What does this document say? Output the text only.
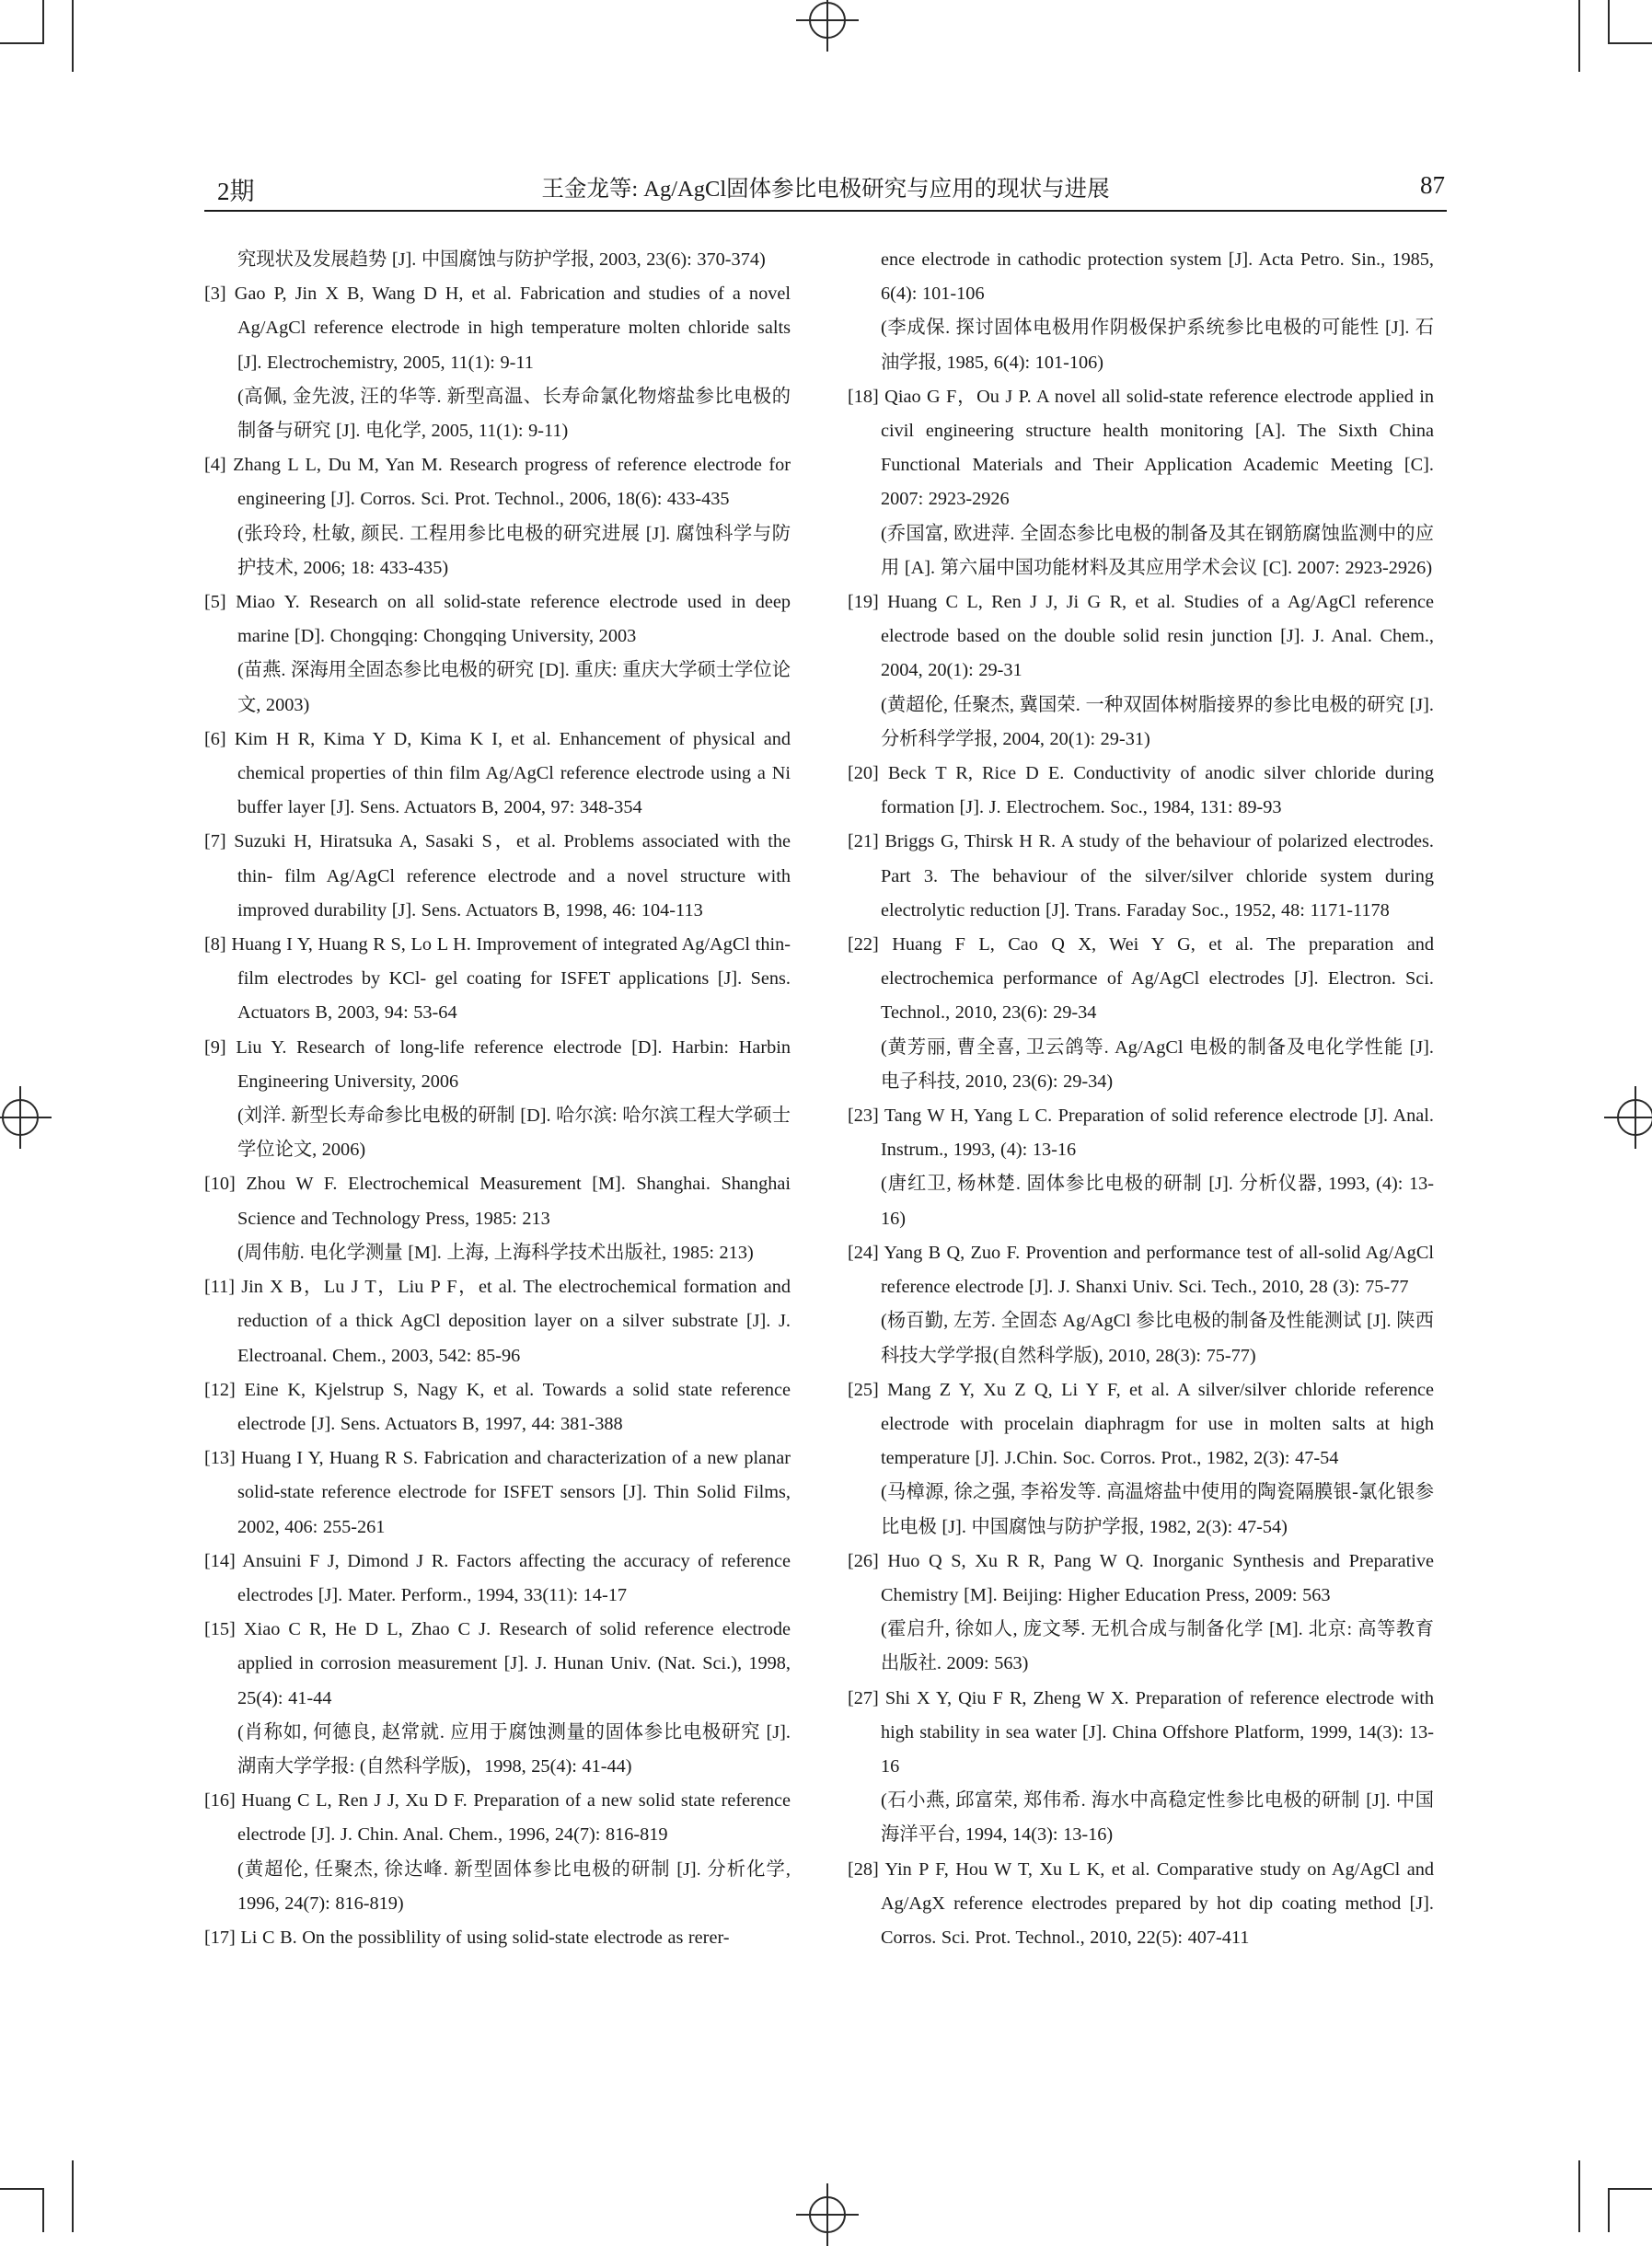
2期	王金龙等: Ag/AgCl固体参比电极研究与应用的现状与进展	87
究现状及发展趋势 [J]. 中国腐蚀与防护学报, 2003, 23(6): 370-374)
[3] Gao P, Jin X B, Wang D H, et al. Fabrication and studies of a novel Ag/AgCl reference electrode in high temperature molten chloride salts [J]. Electrochemistry, 2005, 11(1): 9-11
(高佩, 金先波, 汪的华等. 新型高温、长寿命氯化物熔盐参比电极的制备与研究 [J]. 电化学, 2005, 11(1): 9-11)
[4] Zhang L L, Du M, Yan M. Research progress of reference electrode for engineering [J]. Corros. Sci. Prot. Technol., 2006, 18(6): 433-435
(张玲玲, 杜敏, 颜民. 工程用参比电极的研究进展 [J]. 腐蚀科学与防护技术, 2006; 18: 433-435)
[5] Miao Y. Research on all solid-state reference electrode used in deep marine [D]. Chongqing: Chongqing University, 2003
(苗燕. 深海用全固态参比电极的研究 [D]. 重庆: 重庆大学硕士学位论文, 2003)
[6] Kim H R, Kima Y D, Kima K I, et al. Enhancement of physical and chemical properties of thin film Ag/AgCl reference electrode using a Ni buffer layer [J]. Sens. Actuators B, 2004, 97: 348-354
[7] Suzuki H, Hiratsuka A, Sasaki S，et al. Problems associated with the thin- film Ag/AgCl reference electrode and a novel structure with improved durability [J]. Sens. Actuators B, 1998, 46: 104-113
[8] Huang I Y, Huang R S, Lo L H. Improvement of integrated Ag/AgCl thin- film electrodes by KCl- gel coating for ISFET applications [J]. Sens. Actuators B, 2003, 94: 53-64
[9] Liu Y. Research of long-life reference electrode [D]. Harbin: Harbin Engineering University, 2006
(刘洋. 新型长寿命参比电极的研制 [D]. 哈尔滨: 哈尔滨工程大学硕士学位论文, 2006)
[10] Zhou W F. Electrochemical Measurement [M]. Shanghai. Shanghai Science and Technology Press, 1985: 213
(周伟舫. 电化学测量 [M]. 上海, 上海科学技术出版社, 1985: 213)
[11] Jin X B，Lu J T，Liu P F，et al. The electrochemical formation and reduction of a thick AgCl deposition layer on a silver substrate [J]. J. Electroanal. Chem., 2003, 542: 85-96
[12] Eine K, Kjelstrup S, Nagy K, et al. Towards a solid state reference electrode [J]. Sens. Actuators B, 1997, 44: 381-388
[13] Huang I Y, Huang R S. Fabrication and characterization of a new planar solid-state reference electrode for ISFET sensors [J]. Thin Solid Films, 2002, 406: 255-261
[14] Ansuini F J, Dimond J R. Factors affecting the accuracy of reference electrodes [J]. Mater. Perform., 1994, 33(11): 14-17
[15] Xiao C R, He D L, Zhao C J. Research of solid reference electrode applied in corrosion measurement [J]. J. Hunan Univ. (Nat. Sci.), 1998, 25(4): 41-44
(肖称如, 何德良, 赵常就. 应用于腐蚀测量的固体参比电极研究 [J]. 湖南大学学报: (自然科学版)，1998, 25(4): 41-44)
[16] Huang C L, Ren J J, Xu D F. Preparation of a new solid state reference electrode [J]. J. Chin. Anal. Chem., 1996, 24(7): 816-819
(黄超伦, 任聚杰, 徐达峰. 新型固体参比电极的研制 [J]. 分析化学, 1996, 24(7): 816-819)
[17] Li C B. On the possiblility of using solid-state electrode as rerer-
ence electrode in cathodic protection system [J]. Acta Petro. Sin., 1985, 6(4): 101-106
(李成保. 探讨固体电极用作阴极保护系统参比电极的可能性 [J]. 石油学报, 1985, 6(4): 101-106)
[18] Qiao G F，Ou J P. A novel all solid-state reference electrode applied in civil engineering structure health monitoring [A]. The Sixth China Functional Materials and Their Application Academic Meeting [C]. 2007: 2923-2926
(乔国富, 欧进萍. 全固态参比电极的制备及其在钢筋腐蚀监测中的应用 [A]. 第六届中国功能材料及其应用学术会议 [C]. 2007: 2923-2926)
[19] Huang C L, Ren J J, Ji G R, et al. Studies of a Ag/AgCl reference electrode based on the double solid resin junction [J]. J. Anal. Chem., 2004, 20(1): 29-31
(黄超伦, 任聚杰, 冀国荣. 一种双固体树脂接界的参比电极的研究 [J]. 分析科学学报, 2004, 20(1): 29-31)
[20] Beck T R, Rice D E. Conductivity of anodic silver chloride during formation [J]. J. Electrochem. Soc., 1984, 131: 89-93
[21] Briggs G, Thirsk H R. A study of the behaviour of polarized electrodes. Part 3. The behaviour of the silver/silver chloride system during electrolytic reduction [J]. Trans. Faraday Soc., 1952, 48: 1171-1178
[22] Huang F L, Cao Q X, Wei Y G, et al. The preparation and electrochemica performance of Ag/AgCl electrodes [J]. Electron. Sci. Technol., 2010, 23(6): 29-34
(黄芳丽, 曹全喜, 卫云鸽等. Ag/AgCl 电极的制备及电化学性能 [J]. 电子科技, 2010, 23(6): 29-34)
[23] Tang W H, Yang L C. Preparation of solid reference electrode [J]. Anal. Instrum., 1993, (4): 13-16
(唐红卫, 杨林楚. 固体参比电极的研制 [J]. 分析仪器, 1993, (4): 13-16)
[24] Yang B Q, Zuo F. Provention and performance test of all-solid Ag/AgCl reference electrode [J]. J. Shanxi Univ. Sci. Tech., 2010, 28 (3): 75-77
(杨百勤, 左芳. 全固态 Ag/AgCl 参比电极的制备及性能测试 [J]. 陕西科技大学学报(自然科学版), 2010, 28(3): 75-77)
[25] Mang Z Y, Xu Z Q, Li Y F, et al. A silver/silver chloride reference electrode with procelain diaphragm for use in molten salts at high temperature [J]. J.Chin. Soc. Corros. Prot., 1982, 2(3): 47-54
(马樟源, 徐之强, 李裕发等. 高温熔盐中使用的陶瓷隔膜银-氯化银参比电极 [J]. 中国腐蚀与防护学报, 1982, 2(3): 47-54)
[26] Huo Q S, Xu R R, Pang W Q. Inorganic Synthesis and Preparative Chemistry [M]. Beijing: Higher Education Press, 2009: 563
(霍启升, 徐如人, 庞文琴. 无机合成与制备化学 [M]. 北京: 高等教育出版社. 2009: 563)
[27] Shi X Y, Qiu F R, Zheng W X. Preparation of reference electrode with high stability in sea water [J]. China Offshore Platform, 1999, 14(3): 13-16
(石小燕, 邱富荣, 郑伟希. 海水中高稳定性参比电极的研制 [J]. 中国海洋平台, 1994, 14(3): 13-16)
[28] Yin P F, Hou W T, Xu L K, et al. Comparative study on Ag/AgCl and Ag/AgX reference electrodes prepared by hot dip coating method [J]. Corros. Sci. Prot. Technol., 2010, 22(5): 407-411
